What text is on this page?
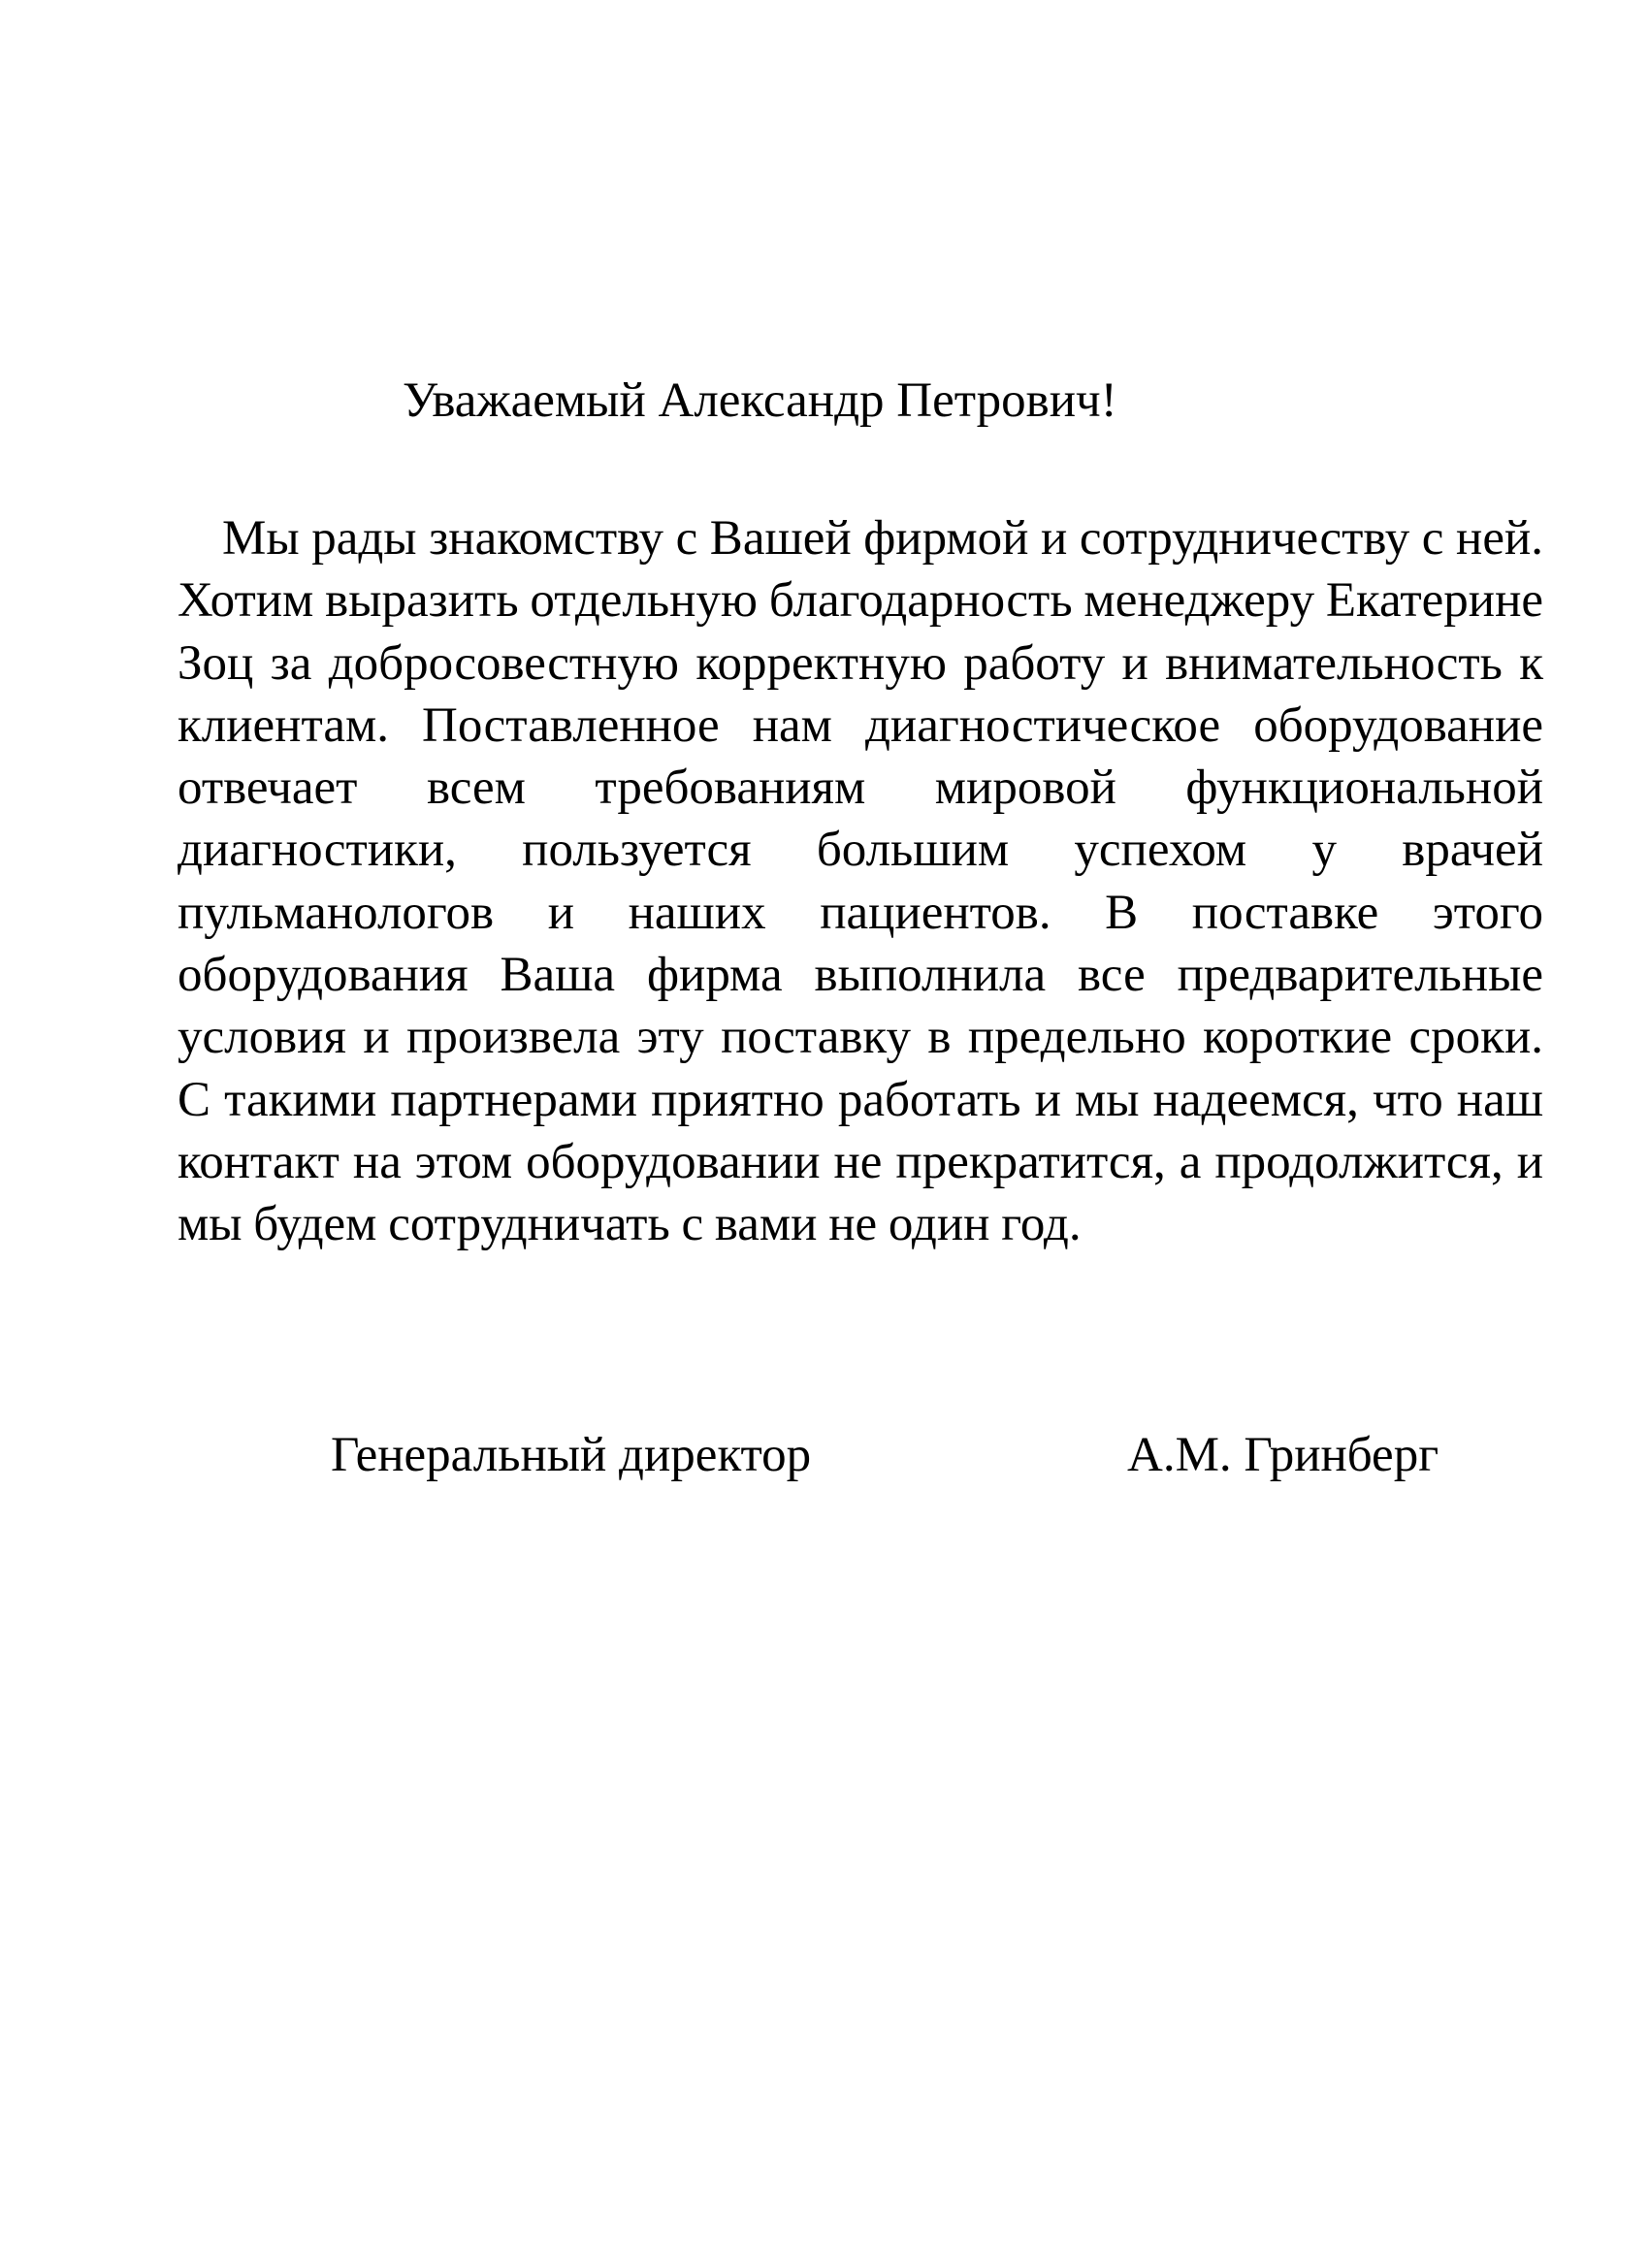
Уважаемый Александр Петрович!

Мы рады знакомству с Вашей фирмой и сотрудничеству с ней. Хотим выразить отдельную благодарность менеджеру Екатерине Зоц за добросовестную корректную работу и внимательность к клиентам. Поставленное нам диагностическое оборудование отвечает всем требованиям мировой функциональной диагностики, пользуется большим успехом у врачей пульманологов и наших пациентов. В поставке этого оборудования Ваша фирма выполнила все предварительные условия и произвела эту поставку в предельно короткие сроки. С такими партнерами приятно работать и мы надеемся, что наш контакт на этом оборудовании не прекратится, а продолжится, и мы будем сотрудничать с вами не один год.

Генеральный директор	А.М. Гринберг
